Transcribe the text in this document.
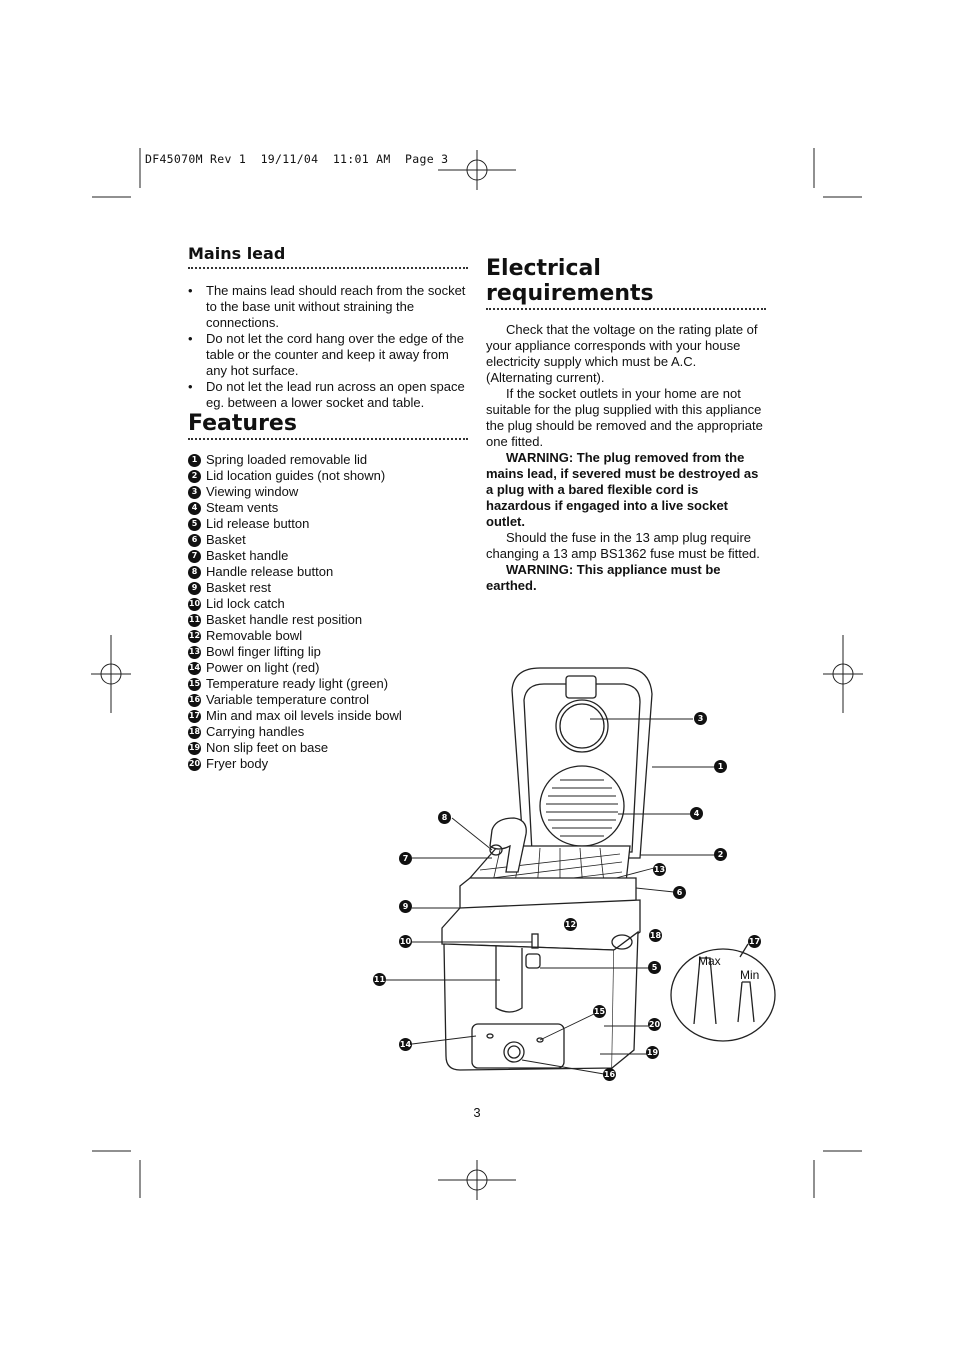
DF45070M Rev 1  19/11/04  11:01 AM  Page 3
Mains lead
• The mains lead should reach from the socket to the base unit without straining the connections.
• Do not let the cord hang over the edge of the table or the counter and keep it away from any hot surface.
• Do not let the lead run across an open space eg. between a lower socket and table.
Features
1 Spring loaded removable lid
2 Lid location guides (not shown)
3 Viewing window
4 Steam vents
5 Lid release button
6 Basket
7 Basket handle
8 Handle release button
9 Basket rest
10 Lid lock catch
11 Basket handle rest position
12 Removable bowl
13 Bowl finger lifting lip
14 Power on light (red)
15 Temperature ready light (green)
16 Variable temperature control
17 Min and max oil levels inside bowl
18 Carrying handles
19 Non slip feet on base
20 Fryer body
Electrical requirements

Check that the voltage on the rating plate of your appliance corresponds with your house electricity supply which must be A.C. (Alternating current).

If the socket outlets in your home are not suitable for the plug supplied with this appliance the plug should be removed and the appropriate one fitted.

WARNING: The plug removed from the mains lead, if severed must be destroyed as a plug with a bared flexible cord is hazardous if engaged into a live socket outlet.

Should the fuse in the 13 amp plug require changing a 13 amp BS1362 fuse must be fitted.

WARNING: This appliance must be earthed.

Max
Min
3
1
4
8
2
7
13
6
9
12
18
17
10
5
11
15
20
14
19
16
3
